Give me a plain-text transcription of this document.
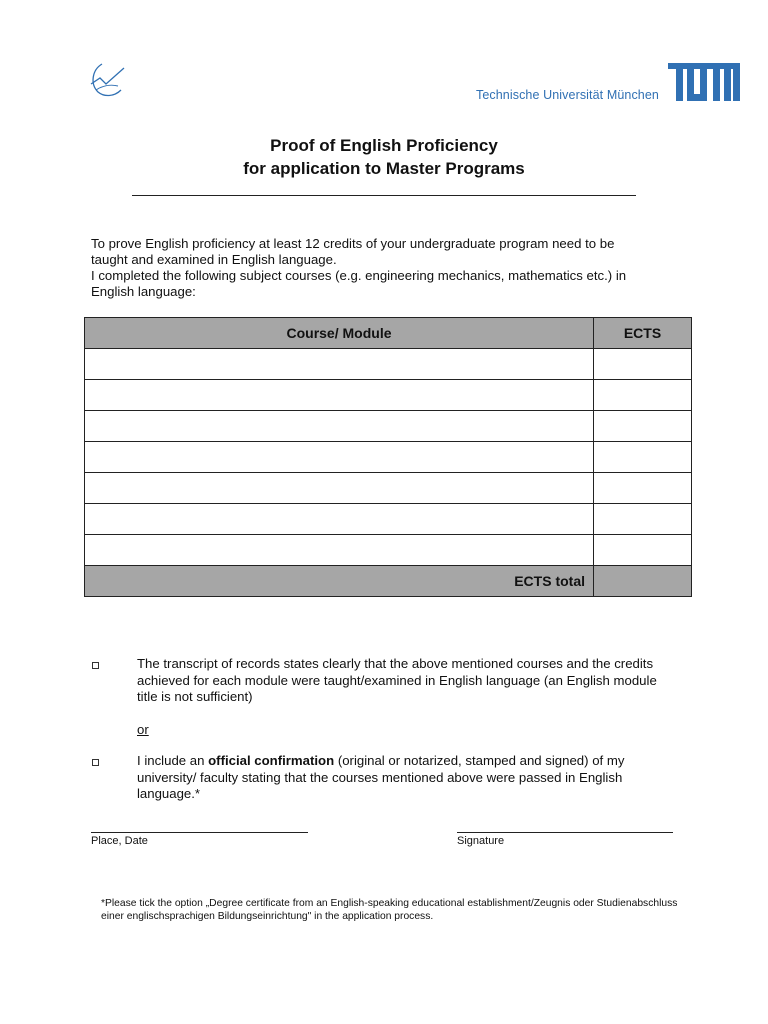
Technische Universität München
Proof of English Proficiency
for application to Master Programs

To prove English proficiency at least 12 credits of your undergraduate program need to be

taught and examined in English language.

I completed the following subject courses (e.g. engineering mechanics, mathematics etc.) in

English language:

Course/ Module	ECTS

ECTS total	
The transcript of records states clearly that the above mentioned courses and the credits achieved for each module were taught/examined in English language (an English module title is not sufficient)
or
I include an official confirmation (original or notarized, stamped and signed) of my university/ faculty stating that the courses mentioned above were passed in English language.*
Place, Date	Signature
*Please tick the option „Degree certificate from an English-speaking educational establishment/Zeugnis oder Studienabschluss einer englischsprachigen Bildungseinrichtung" in the application process.
